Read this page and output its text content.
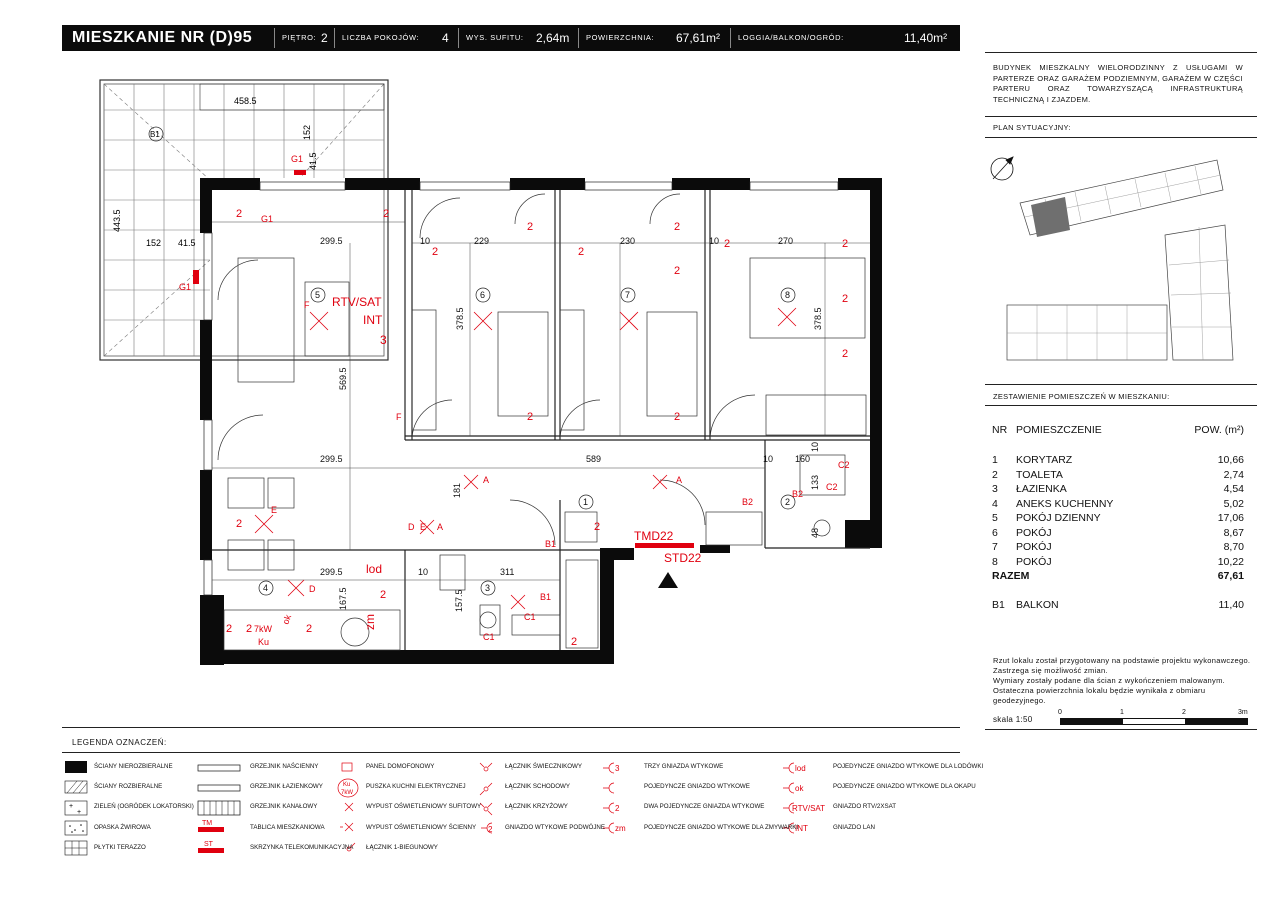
MIESZKANIE NR (D)95	PIĘTRO: 2 LICZBA POKOJÓW: 4 WYS. SUFITU: 2,64m POWIERZCHNIA: 67,61m² LOGGIA/BALKON/OGRÓD:	11,40m²
458.5
152
41.5
443.5
152 41.5
B1
299.5	229	230	270
10	10
378.5	378.5
569.5
299.5	589	10 160
181
299.5	10	311
167.5	157.5
133
48
10
5	6	7	8
1
4	3
2
RTV/SAT
INT
3
TMD22
STD22
lod
zm
2	2
2
2
2
2
2
2	2
2
2
2	2
2
2
2 2	2
2
2
G1
G1
G1
F
F
E
E
D
D
A
A	A
B1
B1
B2
B2
C1
C1
C2
C2
7kW
Ku
ok
BUDYNEK MIESZKALNY WIELORODZINNY Z USŁUGAMI W PARTERZE ORAZ GARAŻEM PODZIEMNYM, GARAŻEM W CZĘŚCI PARTERU ORAZ TOWARZYSZĄCĄ INFRASTRUKTURĄ TECHNICZNĄ I ZJAZDEM.
PLAN SYTUACYJNY:
ZESTAWIENIE POMIESZCZEŃ W MIESZKANIU:
NR POMIESZCZENIE	POW. (m²)
1 KORYTARZ	10,66
2 TOALETA	2,74
3 ŁAZIENKA	4,54
4 ANEKS KUCHENNY	5,02
5 POKÓJ DZIENNY	17,06
6 POKÓJ	8,67
7 POKÓJ	8,70
8 POKÓJ	10,22
RAZEM	67,61
B1 BALKON	11,40
Rzut lokalu został przygotowany na podstawie projektu wykonawczego.
Zastrzega się możliwość zmian.
Wymiary zostały podane dla ścian z wykończeniem malowanym.
Ostateczna powierzchnia lokalu będzie wynikała z obmiaru
geodezyjnego.
skala 1:50
0	1	2	3m
LEGENDA OZNACZEŃ:
+
+
TM
ST
Ku
7kW
2
3
2
zm
lod
ok
RTV/SAT
INT
ŚCIANY NIEROZBIERALNE
ŚCIANY ROZBIERALNE
ZIELEŃ (OGRÓDEK LOKATORSKI)
OPASKA ŻWIROWA
PŁYTKI TERAZZO
GRZEJNIK NAŚCIENNY
GRZEJNIK ŁAZIENKOWY
GRZEJNIK KANAŁOWY
TABLICA MIESZKANIOWA
SKRZYNKA TELEKOMUNIKACYJNA
PANEL DOMOFONOWY
PUSZKA KUCHNI ELEKTRYCZNEJ
WYPUST OŚWIETLENIOWY SUFITOWY
WYPUST OŚWIETLENIOWY ŚCIENNY
ŁĄCZNIK 1-BIEGUNOWY
ŁĄCZNIK ŚWIECZNIKOWY
ŁĄCZNIK SCHODOWY
ŁĄCZNIK KRZYŻOWY
GNIAZDO WTYKOWE PODWÓJNE
TRZY GNIAZDA WTYKOWE
POJEDYNCZE GNIAZDO WTYKOWE
DWA POJEDYNCZE GNIAZDA WTYKOWE
POJEDYNCZE GNIAZDO WTYKOWE DLA ZMYWARKI
POJEDYNCZE GNIAZDO WTYKOWE DLA LODÓWKI
POJEDYNCZE GNIAZDO WTYKOWE DLA OKAPU
GNIAZDO RTV/2XSAT
GNIAZDO LAN
